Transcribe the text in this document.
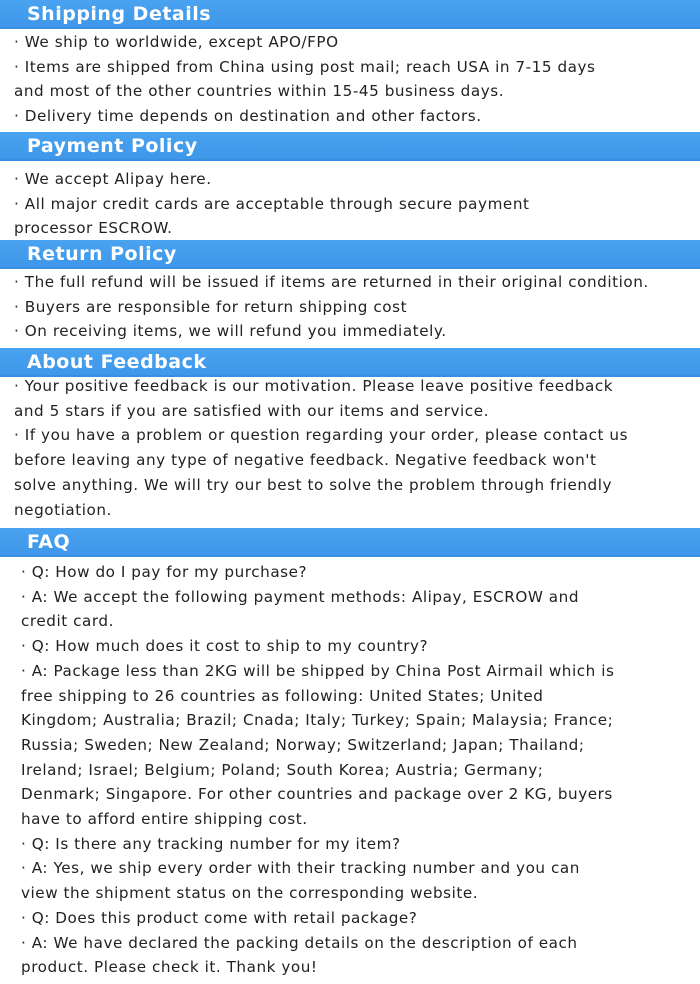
Shipping Details
· We ship to worldwide, except APO/FPO
· Items are shipped from China using post mail; reach USA in 7-15 days
and most of the other countries within 15-45 business days.
· Delivery time depends on destination and other factors.
Payment Policy
· We accept Alipay here.
· All major credit cards are acceptable through secure payment
processor ESCROW.
Return Policy
· The full refund will be issued if items are returned in their original condition.
· Buyers are responsible for return shipping cost
· On receiving items, we will refund you immediately.
About Feedback
· Your positive feedback is our motivation. Please leave positive feedback
and 5 stars if you are satisfied with our items and service.
· If you have a problem or question regarding your order, please contact us
before leaving any type of negative feedback. Negative feedback won't
solve anything. We will try our best to solve the problem through friendly
negotiation.
FAQ
· Q: How do I pay for my purchase?
· A: We accept the following payment methods: Alipay, ESCROW and
credit card.
· Q: How much does it cost to ship to my country?
· A: Package less than 2KG will be shipped by China Post Airmail which is
free shipping to 26 countries as following: United States; United
Kingdom; Australia; Brazil; Cnada; Italy; Turkey; Spain; Malaysia; France;
Russia; Sweden; New Zealand; Norway; Switzerland; Japan; Thailand;
Ireland; Israel; Belgium; Poland; South Korea; Austria; Germany;
Denmark; Singapore. For other countries and package over 2 KG, buyers
have to afford entire shipping cost.
· Q: Is there any tracking number for my item?
· A: Yes, we ship every order with their tracking number and you can
view the shipment status on the corresponding website.
· Q: Does this product come with retail package?
· A: We have declared the packing details on the description of each
product. Please check it. Thank you!
